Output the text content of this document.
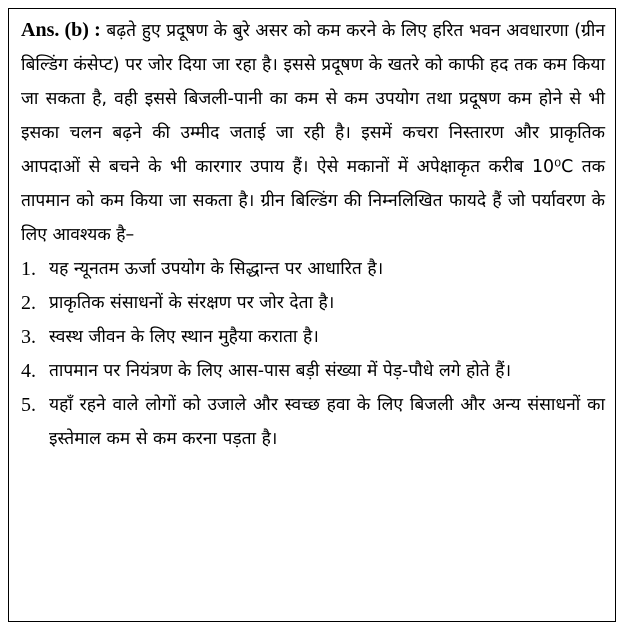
Ans. (b) : बढ़ते हुए प्रदूषण के बुरे असर को कम करने के लिए हरित भवन अवधारणा (ग्रीन बिल्डिंग कंसेप्ट) पर जोर दिया जा रहा है। इससे प्रदूषण के खतरे को काफी हद तक कम किया जा सकता है, वही इससे बिजली-पानी का कम से कम उपयोग तथा प्रदूषण कम होने से भी इसका चलन बढ़ने की उम्मीद जताई जा रही है। इसमें कचरा निस्तारण और प्राकृतिक आपदाओं से बचने के भी कारगार उपाय हैं। ऐसे मकानों में अपेक्षाकृत करीब 10⁰C तक तापमान को कम किया जा सकता है। ग्रीन बिल्डिंग की निम्नलिखित फायदे हैं जो पर्यावरण के लिए आवश्यक है–

1. यह न्यूनतम ऊर्जा उपयोग के सिद्धान्त पर आधारित है।
2. प्राकृतिक संसाधनों के संरक्षण पर जोर देता है।
3. स्वस्थ जीवन के लिए स्थान मुहैया कराता है।
4. तापमान पर नियंत्रण के लिए आस-पास बड़ी संख्या में पेड़-पौधे लगे होते हैं।
5. यहाँ रहने वाले लोगों को उजाले और स्वच्छ हवा के लिए बिजली और अन्य संसाधनों का इस्तेमाल कम से कम करना पड़ता है।
